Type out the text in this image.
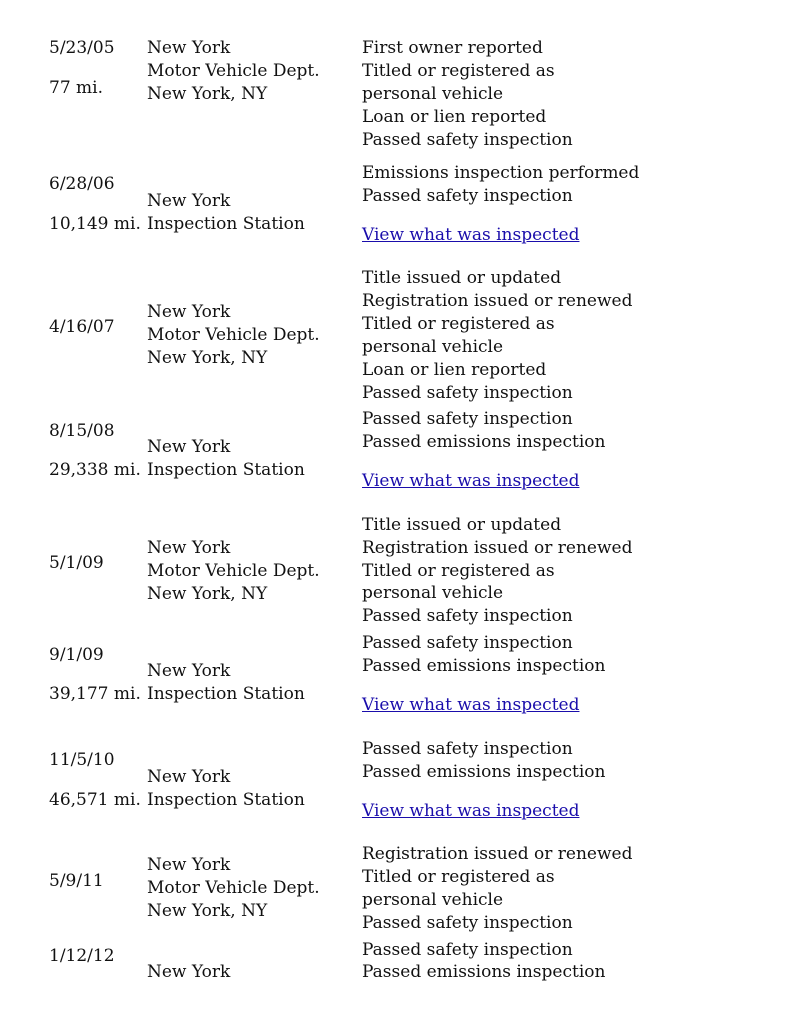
5/23/05
77 mi.
New York
Motor Vehicle Dept.
New York, NY
First owner reported
Titled or registered as
personal vehicle
Loan or lien reported
Passed safety inspection
6/28/06
10,149 mi.
New York
Inspection Station
Emissions inspection performed
Passed safety inspection
View what was inspected
4/16/07
New York
Motor Vehicle Dept.
New York, NY
Title issued or updated
Registration issued or renewed
Titled or registered as
personal vehicle
Loan or lien reported
Passed safety inspection
8/15/08
29,338 mi.
New York
Inspection Station
Passed safety inspection
Passed emissions inspection
View what was inspected
5/1/09
New York
Motor Vehicle Dept.
New York, NY
Title issued or updated
Registration issued or renewed
Titled or registered as
personal vehicle
Passed safety inspection
9/1/09
39,177 mi.
New York
Inspection Station
Passed safety inspection
Passed emissions inspection
View what was inspected
11/5/10
46,571 mi.
New York
Inspection Station
Passed safety inspection
Passed emissions inspection
View what was inspected
5/9/11
New York
Motor Vehicle Dept.
New York, NY
Registration issued or renewed
Titled or registered as
personal vehicle
Passed safety inspection
1/12/12
New York
Passed safety inspection
Passed emissions inspection
